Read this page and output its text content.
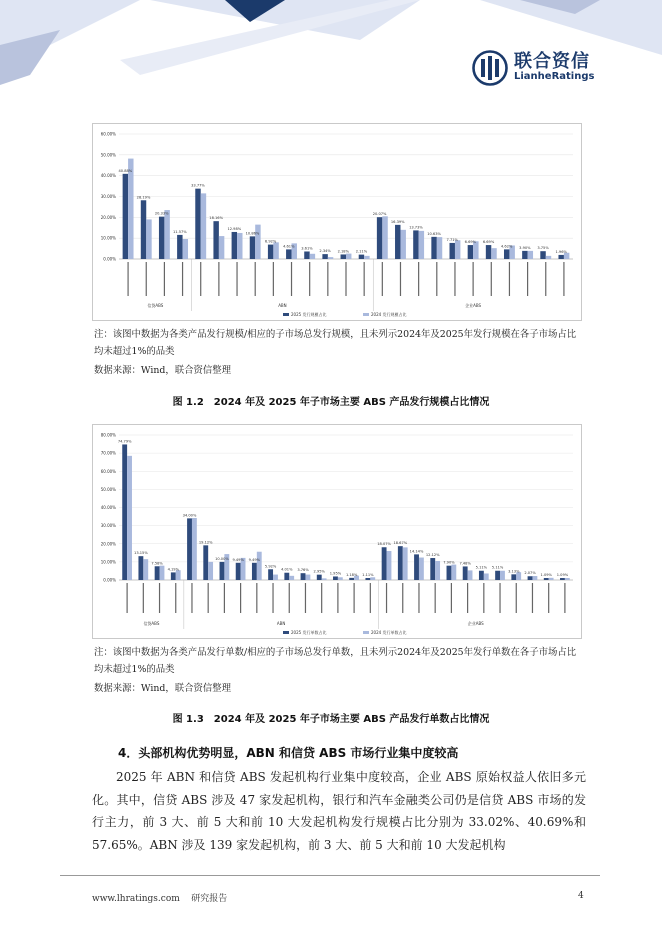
联合资信
LianheRatings
0.00%
10.00%
20.00%
30.00%
40.00%
50.00%
60.00%
40.88%
28.19%
20.33%
11.57%
33.77%
18.16%
12.98%
10.86%
6.92%
4.61%
3.61%
2.34% 2.18% 2.11%
20.07%
16.39%
13.73%
10.63%
7.71%
6.69% 6.69%
4.62% 3.90% 3.75%
1.96%
信贷ABS	ABN	企业ABS
2025 发行规模占比	2024 发行规模占比
注：该图中数据为各类产品发行规模/相应的子市场总发行规模，且未列示2024年及2025年发行规模在各子市场占比均未超过1%的品类
数据来源：Wind，联合资信整理
图 1.2　2024 年及 2025 年子市场主要 ABS 产品发行规模占比情况
0.00%
10.00%
20.00%
30.00%
40.00%
50.00%
60.00%
70.00%
80.00%
74.79%
13.15%
7.58%
4.19%
34.00%
19.12%
10.00% 9.49% 9.49%
5.92%
4.01% 3.76% 2.95% 1.95% 1.18% 1.11%
18.07% 18.67%
14.14%
12.12%
7.90% 7.48%
5.11% 5.11%
3.13% 2.07% 1.09% 1.09%
信贷ABS	ABN	企业ABS
2025 发行单数占比	2024 发行单数占比
注：该图中数据为各类产品发行单数/相应的子市场总发行单数，且未列示2024年及2025年发行单数在各子市场占比均未超过1%的品类
数据来源：Wind，联合资信整理
图 1.3　2024 年及 2025 年子市场主要 ABS 产品发行单数占比情况
4．头部机构优势明显，ABN 和信贷 ABS 市场行业集中度较高
2025 年 ABN 和信贷 ABS 发起机构行业集中度较高，企业 ABS 原始权益人依旧多元化。其中，信贷 ABS 涉及 47 家发起机构，银行和汽车金融类公司仍是信贷 ABS 市场的发行主力，前 3 大、前 5 大和前 10 大发起机构发行规模占比分别为 33.02%、40.69%和 57.65%。ABN 涉及 139 家发起机构，前 3 大、前 5 大和前 10 大发起机构
www.lhratings.com 研究报告	4
